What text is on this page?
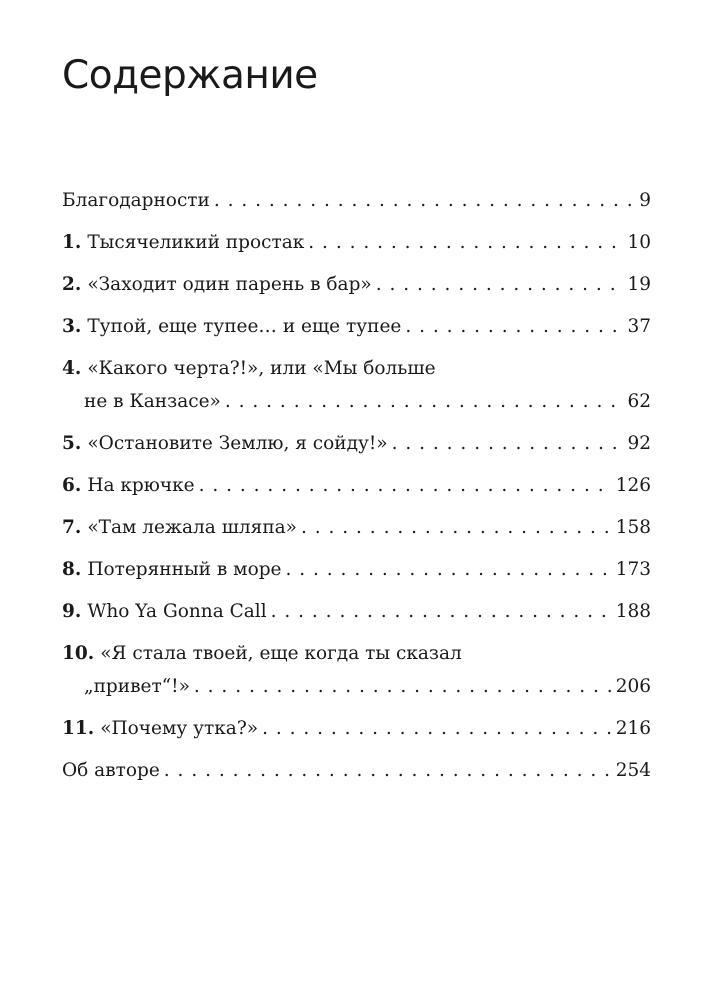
Содержание
Благодарности . . .	9
1. Тысячеликий простак . . .	10
2. «Заходит один парень в бар» . . .	19
3. Тупой, еще тупее… и еще тупее . . .	37
4. «Какого черта?!», или «Мы больше
не в Канзасе» . . .	62
5. «Остановите Землю, я сойду!» . . .	92
6. На крючке . . .	126
7. «Там лежала шляпа» . . .	158
8. Потерянный в море . . .	173
9. Who Ya Gonna Call . . .	188
10. «Я стала твоей, еще когда ты сказал
„привет“!» . . .	206
11. «Почему утка?» . . .	216
Об авторе . . .	254
